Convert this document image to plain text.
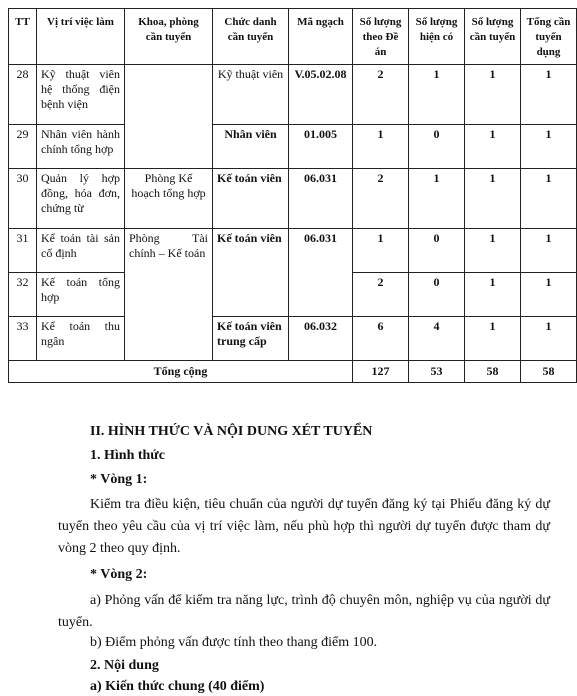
TT	Vị trí việc làm	Khoa, phòng cần tuyển	Chức danh cần tuyển	Mã ngạch	Số lượng theo Đề án	Số lượng hiện có	Số lượng cần tuyển	Tổng cần tuyển dụng
28	Kỹ thuật viên hệ thống điện bệnh viện		Kỹ thuật viên	V.05.02.08	2	1	1	1
29	Nhân viên hành chính tổng hợp		Nhân viên	01.005	1	0	1	1
30	Quản lý hợp đồng, hóa đơn, chứng từ	Phòng Kế hoạch tổng hợp	Kế toán viên	06.031	2	1	1	1
31	Kế toán tài sản cố định	Phòng Tài chính – Kế toán	Kế toán viên	06.031	1	0	1	1
32	Kế toán tổng hợp				2	0	1	1
33	Kế toán thu ngân		Kế toán viên trung cấp	06.032	6	4	1	1
Tổng cộng					127	53	58	58
II. HÌNH THỨC VÀ NỘI DUNG XÉT TUYỂN
1. Hình thức
* Vòng 1:
Kiểm tra điều kiện, tiêu chuẩn của người dự tuyển đăng ký tại Phiếu đăng ký dự tuyển theo yêu cầu của vị trí việc làm, nếu phù hợp thì người dự tuyển được tham dự vòng 2 theo quy định.
* Vòng 2:
a) Phỏng vấn để kiểm tra năng lực, trình độ chuyên môn, nghiệp vụ của người dự tuyển.
b) Điểm phỏng vấn được tính theo thang điểm 100.
2. Nội dung
a) Kiến thức chung (40 điểm)
